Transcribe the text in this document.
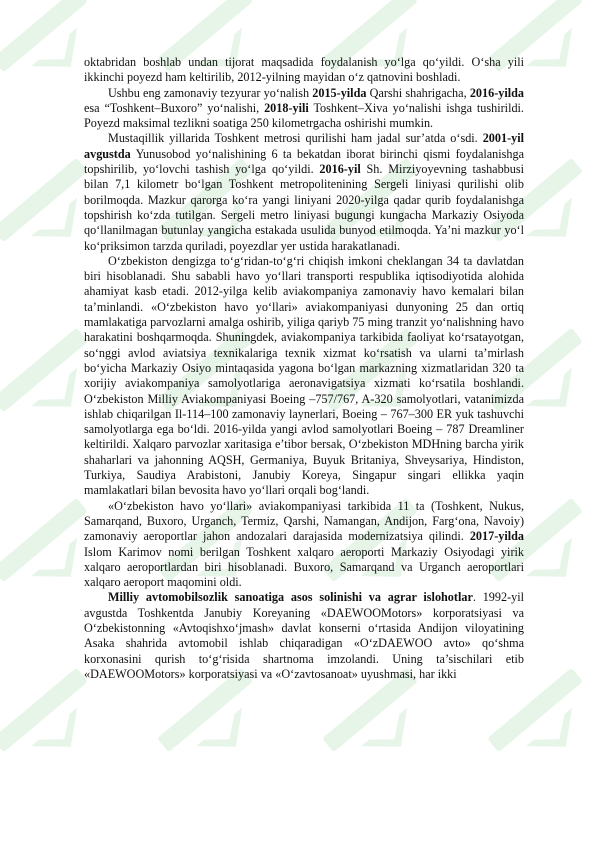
oktabridan boshlab undan tijorat maqsadida foydalanish yo‘lga qo‘yildi. O‘sha yili ikkinchi poyezd ham keltirilib, 2012-yilning mayidan o‘z qatnovini boshladi.

Ushbu eng zamonaviy tezyurar yo‘nalish 2015-yilda Qarshi shahrigacha, 2016-yilda esa “Toshkent–Buxoro” yo‘nalishi, 2018-yili Toshkent–Xiva yo‘nalishi ishga tushirildi. Poyezd maksimal tezlikni soatiga 250 kilometrgacha oshirishi mumkin.

Mustaqillik yillarida Toshkent metrosi qurilishi ham jadal sur’atda o‘sdi. 2001-yil avgustda Yunusobod yo‘nalishining 6 ta bekatdan iborat birinchi qismi foydalanishga topshirilib, yo‘lovchi tashish yo‘lga qo‘yildi. 2016-yil Sh. Mirziyoyevning tashabbusi bilan 7,1 kilometr bo‘lgan Toshkent metropolitenining Sergeli liniyasi qurilishi olib borilmoqda. Mazkur qarorga ko‘ra yangi liniyani 2020-yilga qadar qurib foydalanishga topshirish ko‘zda tutilgan. Sergeli metro liniyasi bugungi kungacha Markaziy Osiyoda qo‘llanilmagan butunlay yangicha estakada usulida bunyod etilmoqda. Ya’ni mazkur yo‘l ko‘priksimon tarzda quriladi, poyezdlar yer ustida harakatlanadi.

O‘zbekiston dengizga to‘g‘ridan-to‘g‘ri chiqish imkoni cheklangan 34 ta davlatdan biri hisoblanadi. Shu sababli havo yo‘llari transporti respublika iqtisodiyotida alohida ahamiyat kasb etadi. 2012-yilga kelib aviakompaniya zamonaviy havo kemalari bilan ta’minlandi. «O‘zbekiston havo yo‘llari» aviakompaniyasi dunyoning 25 dan ortiq mamlakatiga parvozlarni amalga oshirib, yiliga qariyb 75 ming tranzit yo‘nalishning havo harakatini boshqarmoqda. Shuningdek, aviakompaniya tarkibida faoliyat ko‘rsatayotgan, so‘nggi avlod aviatsiya texnikalariga texnik xizmat ko‘rsatish va ularni ta’mirlash bo‘yicha Markaziy Osiyo mintaqasida yagona bo‘lgan markazning xizmatlaridan 320 ta xorijiy aviakompaniya samolyotlariga aeronavigatsiya xizmati ko‘rsatila boshlandi. O‘zbekiston Milliy Aviakompaniyasi Boeing –757/767, A-320 samolyotlari, vatanimizda ishlab chiqarilgan Il-114–100 zamonaviy laynerlari, Boeing – 767–300 ER yuk tashuvchi samolyotlarga ega bo‘ldi. 2016-yilda yangi avlod samolyotlari Boeing – 787 Dreamliner keltirildi. Xalqaro parvozlar xaritasiga e’tibor bersak, O‘zbekiston MDHning barcha yirik shaharlari va jahonning AQSH, Germaniya, Buyuk Britaniya, Shveysariya, Hindiston, Turkiya, Saudiya Arabistoni, Janubiy Koreya, Singapur singari ellikka yaqin mamlakatlari bilan bevosita havo yo‘llari orqali bog‘landi.

«O‘zbekiston havo yo‘llari» aviakompaniyasi tarkibida 11 ta (Toshkent, Nukus, Samarqand, Buxoro, Urganch, Termiz, Qarshi, Namangan, Andijon, Farg‘ona, Navoiy) zamonaviy aeroportlar jahon andozalari darajasida modernizatsiya qilindi. 2017-yilda Islom Karimov nomi berilgan Toshkent xalqaro aeroporti Markaziy Osiyodagi yirik xalqaro aeroportlardan biri hisoblanadi. Buxoro, Samarqand va Urganch aeroportlari xalqaro aeroport maqomini oldi.

Milliy avtomobilsozlik sanoatiga asos solinishi va agrar islohotlar. 1992-yil avgustda Toshkentda Janubiy Koreyaning «DAEWOOMotors» korporatsiyasi va O‘zbekistonning «Avtoqishxo‘jmash» davlat konserni o‘rtasida Andijon viloyatining Asaka shahrida avtomobil ishlab chiqaradigan «O‘zDAEWOO avto» qo‘shma korxonasini qurish to‘g‘risida shartnoma imzolandi. Uning ta’sischilari etib «DAEWOOMotors» korporatsiyasi va «O‘zavtosanoat» uyushmasi, har ikki
